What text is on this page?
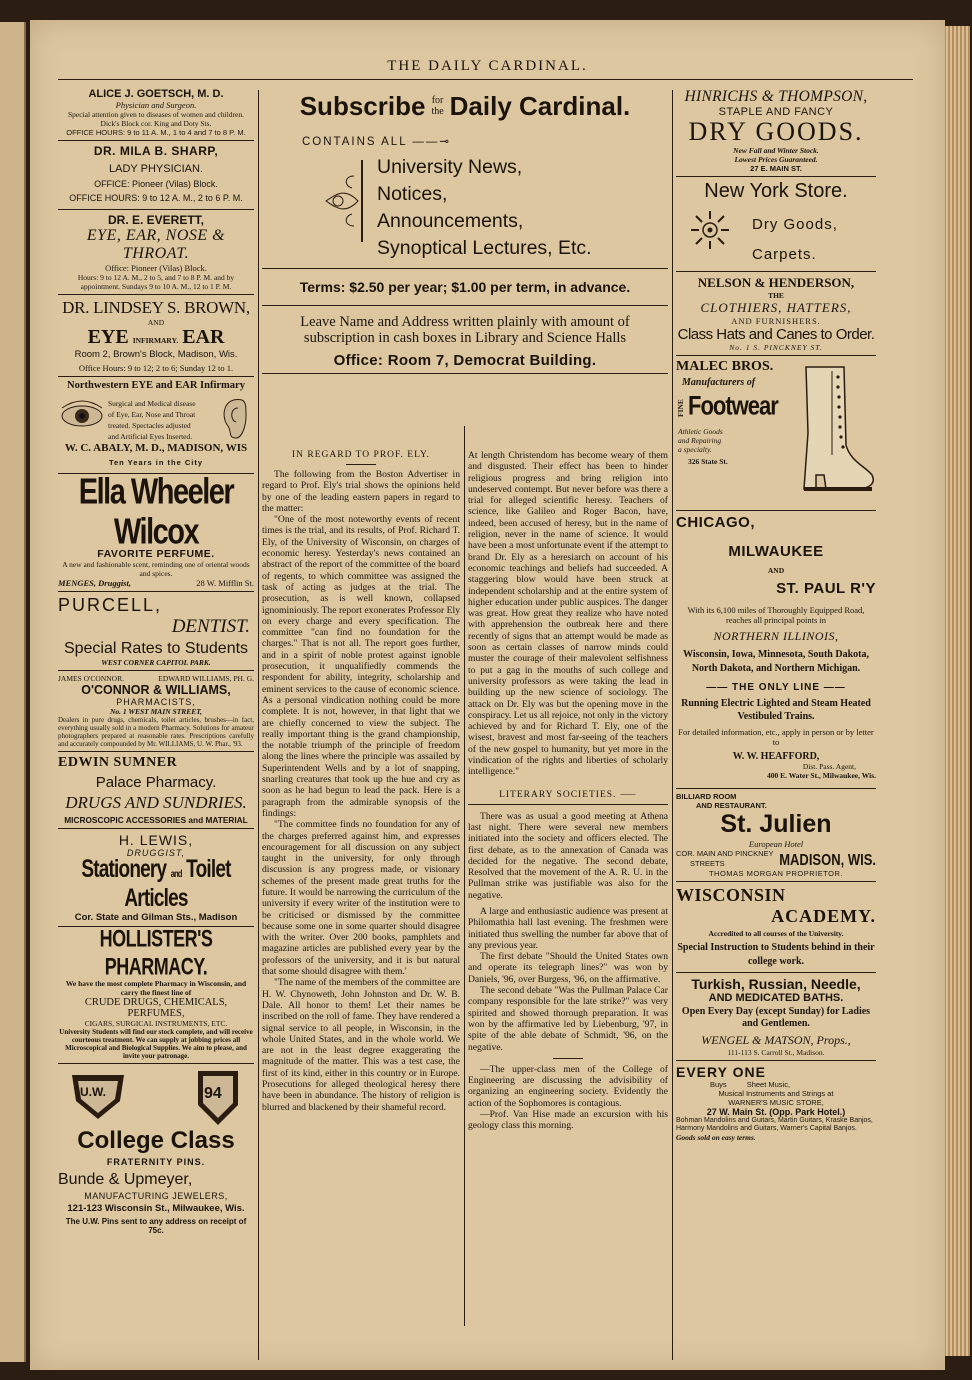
THE DAILY CARDINAL.
ALICE J. GOETSCH, M. D.
Physician and Surgeon.
Special attention given to diseases of women and children.
Dick's Block cor. King and Doty Sts.
OFFICE HOURS: 9 to 11 A. M., 1 to 4 and 7 to 8 P. M.
DR. MILA B. SHARP,
LADY PHYSICIAN.
OFFICE: Pioneer (Vilas) Block.
OFFICE HOURS: 9 to 12 A. M., 2 to 6 P. M.
DR. E. EVERETT,
EYE, EAR, NOSE & THROAT.
Office: Pioneer (Vilas) Block.
Hours: 9 to 12 A. M., 2 to 5, and 7 to 8 P. M. and by appointment. Sundays 9 to 10 A. M., 12 to 1 P. M.
DR. LINDSEY S. BROWN,
AND
EYE INFIRMARY. EAR
Room 2, Brown's Block, Madison, Wis.
Office Hours: 9 to 12; 2 to 6; Sunday 12 to 1.
Northwestern EYE and EAR Infirmary
Surgical and Medical disease
of Eye, Ear, Nose and Throat
treated. Spectacles adjusted
and Artificial Eyes Inserted.
W. C. ABALY, M. D., MADISON, WIS
Ten Years in the City
Ella Wheeler Wilcox
FAVORITE PERFUME.
A new and fashionable scent, reminding one of oriental woods and spices.
MENGES, Druggist,	28 W. Mifflin St.
PURCELL,
DENTIST.
Special Rates to Students
WEST CORNER CAPITOL PARK.
JAMES O'CONNOR.	EDWARD WILLIAMS, PH. G.
O'CONNOR & WILLIAMS,
PHARMACISTS,
No. 1 WEST MAIN STREET,
Dealers in pure drugs, chemicals, toilet articles, brushes—in fact, everything usually sold in a modern Pharmacy. Solutions for amateur photographers prepared at reasonable rates. Prescriptions carefully and accurately compounded by Mr. WILLIAMS, U. W. Phar., '93.
EDWIN SUMNER
Palace Pharmacy.
DRUGS AND SUNDRIES.
MICROSCOPIC ACCESSORIES and MATERIAL
H. LEWIS,
DRUGGIST,
Stationery and Toilet Articles
Cor. State and Gilman Sts., Madison
HOLLISTER'S PHARMACY.
We have the most complete Pharmacy in Wisconsin, and carry the finest line of
CRUDE DRUGS, CHEMICALS, PERFUMES,
CIGARS, SURGICAL INSTRUMENTS, ETC.
University Students will find our stock complete, and will receive courteous treatment. We can supply at jobbing prices all Microscopical and Biological Supplies. We aim to please, and invite your patronage.
U.W.	94
College Class
FRATERNITY PINS.
Bunde & Upmeyer,
MANUFACTURING JEWELERS,
121-123 Wisconsin St., Milwaukee, Wis.
The U.W. Pins sent to any address on receipt of 75c.
Subscribe for
the Daily Cardinal.
CONTAINS ALL ——⊸
University News,
Notices,
Announcements,
Synoptical Lectures, Etc.
Terms: $2.50 per year; $1.00 per term, in advance.
Leave Name and Address written plainly with amount of subscription in cash boxes in Library and Science Halls
Office: Room 7, Democrat Building.
IN REGARD TO PROF. ELY.

The following from the Boston Advertiser in regard to Prof. Ely's trial shows the opinions held by one of the leading eastern papers in regard to the matter:

"One of the most noteworthy events of recent times is the trial, and its results, of Prof. Richard T. Ely, of the University of Wisconsin, on charges of economic heresy. Yesterday's news contained an abstract of the report of the committee of the board of regents, to which committee was assigned the task of acting as judges at the trial. The prosecution, as is well known, collapsed ignominiously. The report exonerates Professor Ely on every charge and every specification. The committee "can find no foundation for the charges." That is not all. The report goes further, and in a spirit of noble protest against ignoble prosecution, it unqualifiedly commends the respondent for ability, integrity, scholarship and eminent services to the cause of economic science. As a personal vindication nothing could be more complete. It is not, however, in that light that we are chiefly concerned to view the subject. The really important thing is the grand championship, the notable triumph of the principle of freedom along the lines where the principle was assailed by Superintendent Wells and by a lot of snapping, snarling creatures that took up the hue and cry as soon as he had begun to lead the pack. Here is a paragraph from the admirable synopsis of the findings:

"The committee finds no foundation for any of the charges preferred against him, and expresses encouragement for all discussion on any subject taught in the university, for only through discussion is any progress made, or visionary schemes of the present made great truths for the future. It would be narrowing the curriculum of the university if every writer of the institution were to be criticised or dismissed by the committee because some one in some quarter should disagree with the writer. Over 200 books, pamphlets and magazine articles are published every year by the professors of the university, and it is but natural that some should disagree with them.'

"The name of the members of the committee are H. W. Chynoweth, John Johnston and Dr. W. B. Dale. All honor to them! Let their names be inscribed on the roll of fame. They have rendered a signal service to all people, in Wisconsin, in the whole United States, and in the whole world. We are not in the least degree exaggerating the magnitude of the matter. This was a test case, the first of its kind, either in this country or in Europe. Prosecutions for alleged theological heresy there have been in abundance. The history of religion is blurred and blackened by their shameful record.

At length Christendom has become weary of them and disgusted. Their effect has been to hinder religious progress and bring religion into undeserved contempt. But never before was there a trial for alleged scientific heresy. Teachers of science, like Galileo and Roger Bacon, have, indeed, been accused of heresy, but in the name of religion, never in the name of science. It would have been a most unfortunate event if the attempt to brand Dr. Ely as a heresiarch on account of his economic teachings and beliefs had succeeded. A staggering blow would have been struck at independent scholarship and at the entire system of higher education under public auspices. The danger was great. How great they realize who have noted with apprehension the outbreak here and there recently of signs that an attempt would be made as soon as certain classes of narrow minds could muster the courage of their malevolent selfishness to put a gag in the mouths of such college and university professors as were taking the lead in building up the new science of sociology. The attack on Dr. Ely was but the opening move in the conspiracy. Let us all rejoice, not only in the victory achieved by and for Richard T. Ely, one of the wisest, bravest and most far-seeing of the teachers of the new gospel to humanity, but yet more in the vindication of the rights and liberties of scholarly intelligence."

LITERARY SOCIETIES. ⸺

There was as usual a good meeting at Athena last night. There were several new members initiated into the society and officers elected. The first debate, as to the annexation of Canada was decided for the negative. The second debate, Resolved that the movement of the A. R. U. in the Pullman strike was justifiable was also for the negative.

A large and enthusiastic audience was present at Philomathia hall last evening. The freshmen were initiated thus swelling the number far above that of any previous year.

The first debate "Should the United States own and operate its telegraph lines?" was won by Daniels, '96, over Burgess, '96, on the affirmative.

The second debate "Was the Pullman Palace Car company responsible for the late strike?" was very spirited and showed thorough preparation. It was won by the affirmative led by Liebenburg, '97, in spite of the able debate of Schmidt, '96, on the negative.

—The upper-class men of the College of Engineering are discussing the advisibility of organizing an engineering society. Evidently the action of the Sophomores is contagious.

—Prof. Van Hise made an excursion with his geology class this morning.

HINRICHS & THOMPSON,
STAPLE AND FANCY
DRY GOODS.
New Fall and Winter Stock.
Lowest Prices Guaranteed.
27 E. MAIN ST.
New York Store.
Dry Goods,
Carpets.
NELSON & HENDERSON,
THE
CLOTHIERS, HATTERS,
AND FURNISHERS.
Class Hats and Canes to Order.
No. 1 S. PINCKNEY ST.
MALEC BROS.
Manufacturers of
FINE Footwear
Athletic Goods
and Repairing
a specialty.
326 State St.
CHICAGO,
MILWAUKEE
AND
ST. PAUL R'Y
With its 6,100 miles of Thoroughly Equipped Road, reaches all principal points in
NORTHERN ILLINOIS,
Wisconsin, Iowa, Minnesota, South Dakota, North Dakota, and Northern Michigan.
—— THE ONLY LINE ——
Running Electric Lighted and Steam Heated Vestibuled Trains.
For detailed information, etc., apply in person or by letter to
W. W. HEAFFORD,
Dist. Pass. Agent,
400 E. Water St., Milwaukee, Wis.
BILLIARD ROOM
AND RESTAURANT.
St. Julien
European Hotel
COR. MAIN AND PINCKNEY
STREETS	MADISON, WIS.
THOMAS MORGAN PROPRIETOR.
WISCONSIN
ACADEMY.
Accredited to all courses of the University.
Special Instruction to Students behind in their college work.
Turkish, Russian, Needle,
AND MEDICATED BATHS.
Open Every Day (except Sunday) for Ladies and Gentlemen.
WENGEL & MATSON, Props.,
111-113 S. Carroll St., Madison.
EVERY ONE
Buys	Sheet Music,
Musical Instruments and Strings at
WARNER'S MUSIC STORE,
27 W. Main St. (Opp. Park Hotel.)
Bohman Mandolins and Guitars, Martin Guitars, Kraske Banjos, Harmony Mandolins and Guitars, Warner's Capital Banjos.
Goods sold on easy terms.
